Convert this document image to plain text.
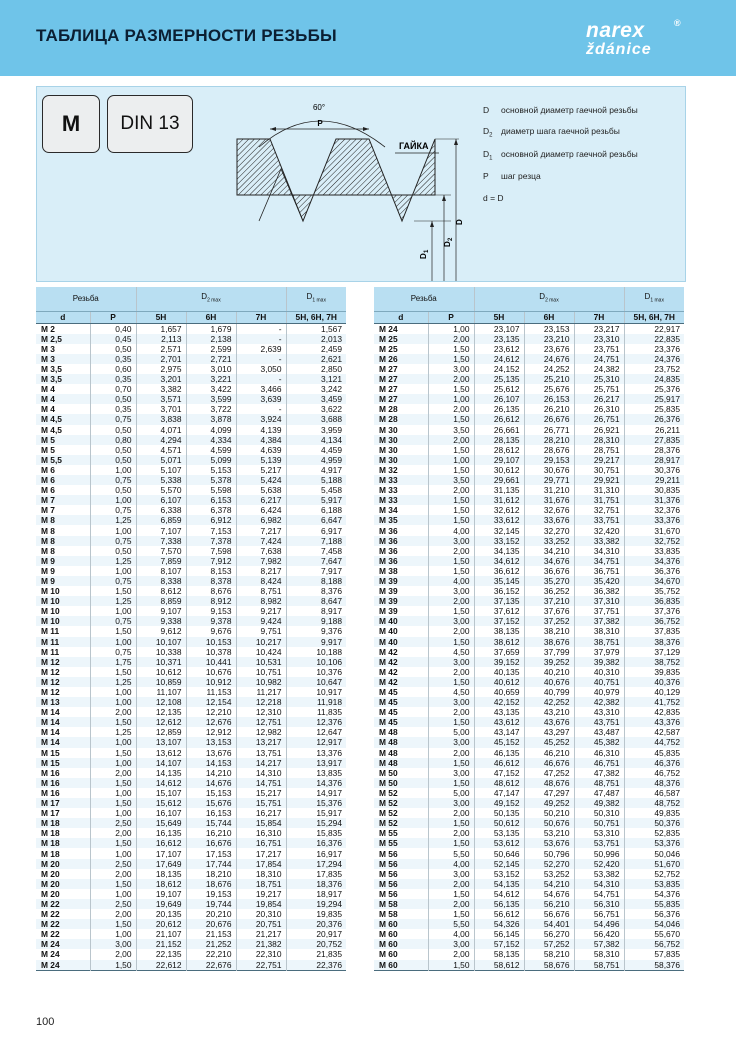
ТАБЛИЦА РАЗМЕРНОСТИ РЕЗЬБЫ	narex
ždánice
®
M	DIN 13
60°
P
ГАЙКА
D
D
2
D
1
D основной диаметр гаечной резьбы
$D_2$ диаметр шага гаечной резьбы
$D_1$ основной диаметр гаечной резьбы
P шаг резца
d = D
Резьба		$D_{2 max}$			$D_{1 max}$
d	P	5H	6H	7H	5H, 6H, 7H
M 2	0,40	1,657	1,679	-	1,567
M 2,5	0,45	2,113	2,138	-	2,013
M 3	0,50	2,571	2,599	2,639	2,459
M 3	0,35	2,701	2,721	-	2,621
M 3,5	0,60	2,975	3,010	3,050	2,850
M 3,5	0,35	3,201	3,221	-	3,121
M 4	0,70	3,382	3,422	3,466	3,242
M 4	0,50	3,571	3,599	3,639	3,459
M 4	0,35	3,701	3,722	-	3,622
M 4,5	0,75	3,838	3,878	3,924	3,688
M 4,5	0,50	4,071	4,099	4,139	3,959
M 5	0,80	4,294	4,334	4,384	4,134
M 5	0,50	4,571	4,599	4,639	4,459
M 5,5	0,50	5,071	5,099	5,139	4,959
M 6	1,00	5,107	5,153	5,217	4,917
M 6	0,75	5,338	5,378	5,424	5,188
M 6	0,50	5,570	5,598	5,638	5,458
M 7	1,00	6,107	6,153	6,217	5,917
M 7	0,75	6,338	6,378	6,424	6,188
M 8	1,25	6,859	6,912	6,982	6,647
M 8	1,00	7,107	7,153	7,217	6,917
M 8	0,75	7,338	7,378	7,424	7,188
M 8	0,50	7,570	7,598	7,638	7,458
M 9	1,25	7,859	7,912	7,982	7,647
M 9	1,00	8,107	8,153	8,217	7,917
M 9	0,75	8,338	8,378	8,424	8,188
M 10	1,50	8,612	8,676	8,751	8,376
M 10	1,25	8,859	8,912	8,982	8,647
M 10	1,00	9,107	9,153	9,217	8,917
M 10	0,75	9,338	9,378	9,424	9,188
M 11	1,50	9,612	9,676	9,751	9,376
M 11	1,00	10,107	10,153	10,217	9,917
M 11	0,75	10,338	10,378	10,424	10,188
M 12	1,75	10,371	10,441	10,531	10,106
M 12	1,50	10,612	10,676	10,751	10,376
M 12	1,25	10,859	10,912	10,982	10,647
M 12	1,00	11,107	11,153	11,217	10,917
M 13	1,00	12,108	12,154	12,218	11,918
M 14	2,00	12,135	12,210	12,310	11,835
M 14	1,50	12,612	12,676	12,751	12,376
M 14	1,25	12,859	12,912	12,982	12,647
M 14	1,00	13,107	13,153	13,217	12,917
M 15	1,50	13,612	13,676	13,751	13,376
M 15	1,00	14,107	14,153	14,217	13,917
M 16	2,00	14,135	14,210	14,310	13,835
M 16	1,50	14,612	14,676	14,751	14,376
M 16	1,00	15,107	15,153	15,217	14,917
M 17	1,50	15,612	15,676	15,751	15,376
M 17	1,00	16,107	16,153	16,217	15,917
M 18	2,50	15,649	15,744	15,854	15,294
M 18	2,00	16,135	16,210	16,310	15,835
M 18	1,50	16,612	16,676	16,751	16,376
M 18	1,00	17,107	17,153	17,217	16,917
M 20	2,50	17,649	17,744	17,854	17,294
M 20	2,00	18,135	18,210	18,310	17,835
M 20	1,50	18,612	18,676	18,751	18,376
M 20	1,00	19,107	19,153	19,217	18,917
M 22	2,50	19,649	19,744	19,854	19,294
M 22	2,00	20,135	20,210	20,310	19,835
M 22	1,50	20,612	20,676	20,751	20,376
M 22	1,00	21,107	21,153	21,217	20,917
M 24	3,00	21,152	21,252	21,382	20,752
M 24	2,00	22,135	22,210	22,310	21,835
M 24	1,50	22,612	22,676	22,751	22,376
Резьба		$D_{2 max}$			$D_{1 max}$
d	P	5H	6H	7H	5H, 6H, 7H
M 24	1,00	23,107	23,153	23,217	22,917
M 25	2,00	23,135	23,210	23,310	22,835
M 25	1,50	23,612	23,676	23,751	23,376
M 26	1,50	24,612	24,676	24,751	24,376
M 27	3,00	24,152	24,252	24,382	23,752
M 27	2,00	25,135	25,210	25,310	24,835
M 27	1,50	25,612	25,676	25,751	25,376
M 27	1,00	26,107	26,153	26,217	25,917
M 28	2,00	26,135	26,210	26,310	25,835
M 28	1,50	26,612	26,676	26,751	26,376
M 30	3,50	26,661	26,771	26,921	26,211
M 30	2,00	28,135	28,210	28,310	27,835
M 30	1,50	28,612	28,676	28,751	28,376
M 30	1,00	29,107	29,153	29,217	28,917
M 32	1,50	30,612	30,676	30,751	30,376
M 33	3,50	29,661	29,771	29,921	29,211
M 33	2,00	31,135	31,210	31,310	30,835
M 33	1,50	31,612	31,676	31,751	31,376
M 34	1,50	32,612	32,676	32,751	32,376
M 35	1,50	33,612	33,676	33,751	33,376
M 36	4,00	32,145	32,270	32,420	31,670
M 36	3,00	33,152	33,252	33,382	32,752
M 36	2,00	34,135	34,210	34,310	33,835
M 36	1,50	34,612	34,676	34,751	34,376
M 38	1,50	36,612	36,676	36,751	36,376
M 39	4,00	35,145	35,270	35,420	34,670
M 39	3,00	36,152	36,252	36,382	35,752
M 39	2,00	37,135	37,210	37,310	36,835
M 39	1,50	37,612	37,676	37,751	37,376
M 40	3,00	37,152	37,252	37,382	36,752
M 40	2,00	38,135	38,210	38,310	37,835
M 40	1,50	38,612	38,676	38,751	38,376
M 42	4,50	37,659	37,799	37,979	37,129
M 42	3,00	39,152	39,252	39,382	38,752
M 42	2,00	40,135	40,210	40,310	39,835
M 42	1,50	40,612	40,676	40,751	40,376
M 45	4,50	40,659	40,799	40,979	40,129
M 45	3,00	42,152	42,252	42,382	41,752
M 45	2,00	43,135	43,210	43,310	42,835
M 45	1,50	43,612	43,676	43,751	43,376
M 48	5,00	43,147	43,297	43,487	42,587
M 48	3,00	45,152	45,252	45,382	44,752
M 48	2,00	46,135	46,210	46,310	45,835
M 48	1,50	46,612	46,676	46,751	46,376
M 50	3,00	47,152	47,252	47,382	46,752
M 50	1,50	48,612	48,676	48,751	48,376
M 52	5,00	47,147	47,297	47,487	46,587
M 52	3,00	49,152	49,252	49,382	48,752
M 52	2,00	50,135	50,210	50,310	49,835
M 52	1,50	50,612	50,676	50,751	50,376
M 55	2,00	53,135	53,210	53,310	52,835
M 55	1,50	53,612	53,676	53,751	53,376
M 56	5,50	50,646	50,796	50,996	50,046
M 56	4,00	52,145	52,270	52,420	51,670
M 56	3,00	53,152	53,252	53,382	52,752
M 56	2,00	54,135	54,210	54,310	53,835
M 56	1,50	54,612	54,676	54,751	54,376
M 58	2,00	56,135	56,210	56,310	55,835
M 58	1,50	56,612	56,676	56,751	56,376
M 60	5,50	54,326	54,401	54,496	54,046
M 60	4,00	56,145	56,270	56,420	55,670
M 60	3,00	57,152	57,252	57,382	56,752
M 60	2,00	58,135	58,210	58,310	57,835
M 60	1,50	58,612	58,676	58,751	58,376
100
